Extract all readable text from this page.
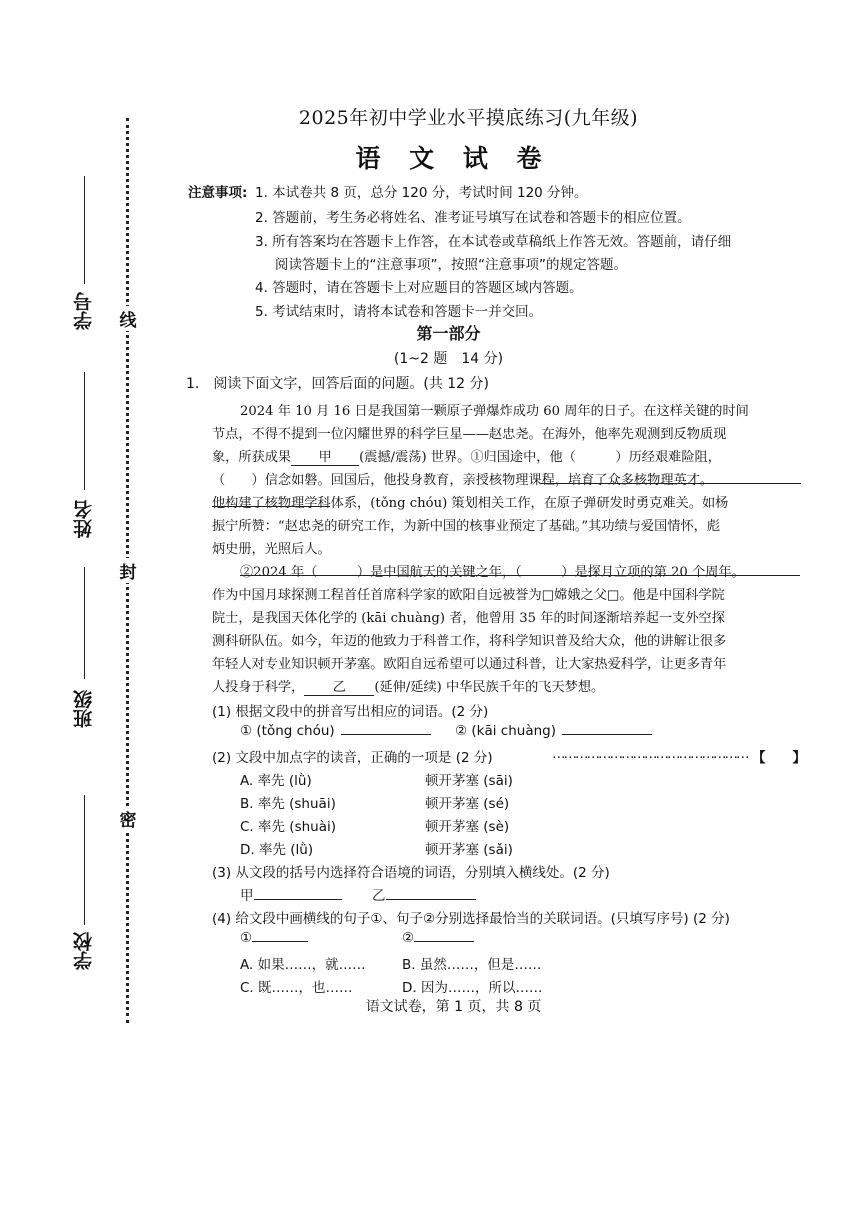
学号
姓名
班级
学校
线
封
密
2025年初中学业水平摸底练习(九年级)
语 文 试 卷
注意事项: 1. 本试卷共 8 页，总分 120 分，考试时间 120 分钟。
2. 答题前，考生务必将姓名、准考证号填写在试卷和答题卡的相应位置。
3. 所有答案均在答题卡上作答，在本试卷或草稿纸上作答无效。答题前，请仔细
阅读答题卡上的“注意事项”，按照“注意事项”的规定答题。
4. 答题时，请在答题卡上对应题目的答题区域内答题。
5. 考试结束时，请将本试卷和答题卡一并交回。
第一部分
(1~2 题　14 分)
1.　阅读下面文字，回答后面的问题。(共 12 分)
2024 年 10 月 16 日是我国第一颗原子弹爆炸成功 60 周年的日子。在这样关键的时间
节点，不得不提到一位闪耀世界的科学巨星——赵忠尧。在海外，他率先观测到反物质现
象，所获成果 甲 (震撼/震荡) 世界。①归国途中，他（　　　）历经艰难险阻，
（　　）信念如磐。回国后，他投身教育，亲授核物理课程，培育了众多核物理英才。
他构建了核物理学科体系，(tǒng chóu) 策划相关工作，在原子弹研发时勇克难关。如杨
振宁所赞：“赵忠尧的研究工作，为新中国的核事业预定了基础。”其功绩与爱国情怀，彪
炳史册，光照后人。
②2024 年（　　　）是中国航天的关键之年，（　　　）是探月立项的第 20 个周年。
作为中国月球探测工程首任首席科学家的欧阳自远被誉为□嫦娥之父□。他是中国科学院
院士，是我国天体化学的 (kāi chuàng) 者，他曾用 35 年的时间逐渐培养起一支外空探
测科研队伍。如今，年迈的他致力于科普工作，将科学知识普及给大众，他的讲解让很多
年轻人对专业知识顿开茅塞。欧阳自远希望可以通过科普，让大家热爱科学，让更多青年
人投身于科学， 乙 (延伸/延续) 中华民族千年的飞天梦想。
(1) 根据文段中的拼音写出相应的词语。(2 分)
① (tǒng chóu)	② (kāi chuàng)
(2) 文段中加点字的读音，正确的一项是 (2 分)	…………………………………………… 【　　】
A. 率先 (lǜ)	顿开茅塞 (sāi)
B. 率先 (shuāi)	顿开茅塞 (sé)
C. 率先 (shuài)	顿开茅塞 (sè)
D. 率先 (lǜ)	顿开茅塞 (sǎi)
(3) 从文段的括号内选择符合语境的词语，分别填入横线处。(2 分)
甲	乙
(4) 给文段中画横线的句子①、句子②分别选择最恰当的关联词语。(只填写序号) (2 分)
①	②
A. 如果……，就……	B. 虽然……，但是……
C. 既……，也……	D. 因为……，所以……
语文试卷，第 1 页，共 8 页
